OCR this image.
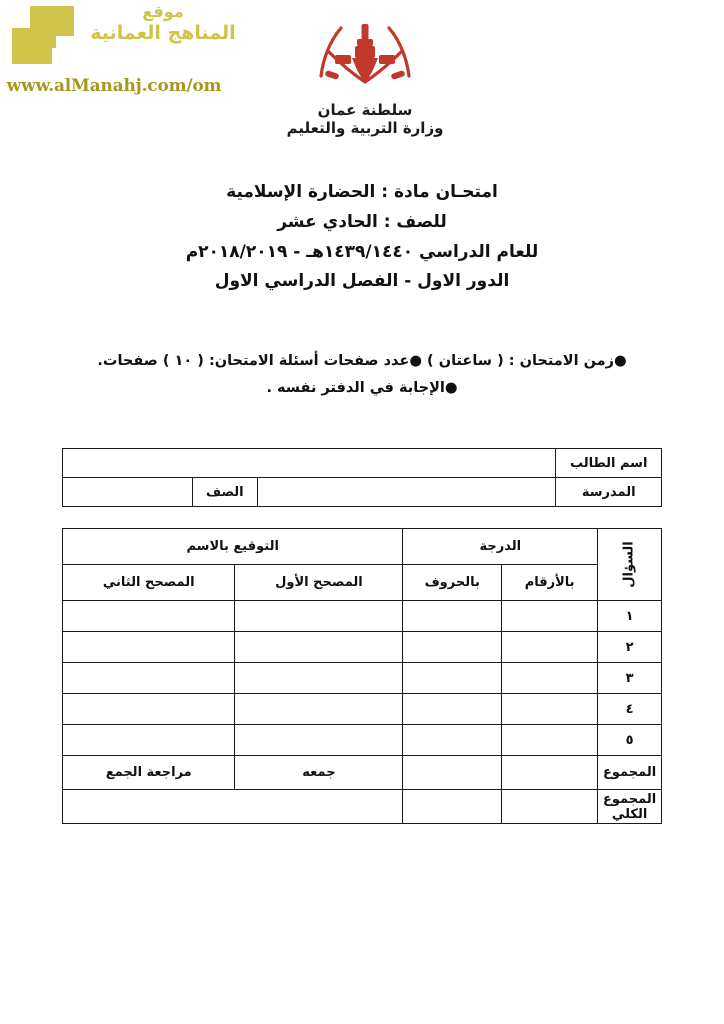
موقع
المناهج العمانية
www.alManahj.com/om
سلطنة عمان
وزارة التربية والتعليم
امتحـان مادة : الحضارة الإسلامية
للصف : الحادي عشر
للعام الدراسي ١٤٣٩/١٤٤٠هـ - ٢٠١٨/٢٠١٩م
الدور الاول - الفصل الدراسي الاول
●زمن الامتحان : ( ساعتان ) ●عدد صفحات أسئلة الامتحان: ( ١٠ ) صفحات.
●الإجابة في الدفتر نفسه .
اسم الطالب			
المدرسة		الصف	
السؤال	الدرجة		التوقيع بالاسم	
	بالأرقام	بالحروف	المصحح الأول	المصحح الثاني
١				
٢				
٣				
٤				
٥				
المجموع			جمعه	مراجعة الجمع
المجموع الكلي				
